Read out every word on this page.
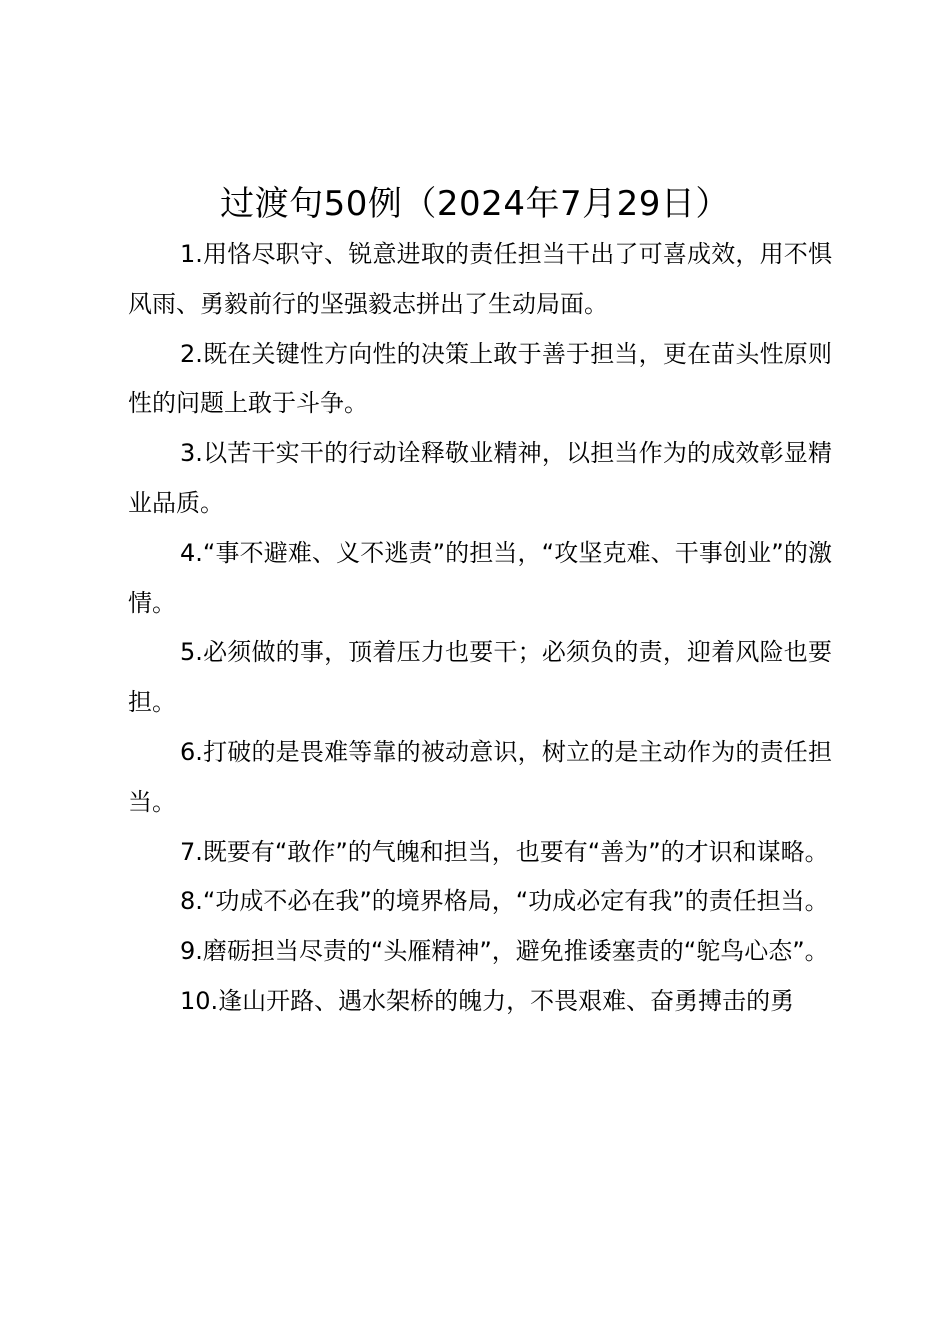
过渡句50例（2024年7月29日）

1.用恪尽职守、锐意进取的责任担当干出了可喜成效，用不惧风雨、勇毅前行的坚强毅志拼出了生动局面。

2.既在关键性方向性的决策上敢于善于担当，更在苗头性原则性的问题上敢于斗争。

3.以苦干实干的行动诠释敬业精神，以担当作为的成效彰显精业品质。

4.“事不避难、义不逃责”的担当，“攻坚克难、干事创业”的激情。

5.必须做的事，顶着压力也要干；必须负的责，迎着风险也要担。

6.打破的是畏难等靠的被动意识，树立的是主动作为的责任担当。

7.既要有“敢作”的气魄和担当，也要有“善为”的才识和谋略。

8.“功成不必在我”的境界格局，“功成必定有我”的责任担当。

9.磨砺担当尽责的“头雁精神”，避免推诿塞责的“鸵鸟心态”。

10.逢山开路、遇水架桥的魄力，不畏艰难、奋勇搏击的勇
